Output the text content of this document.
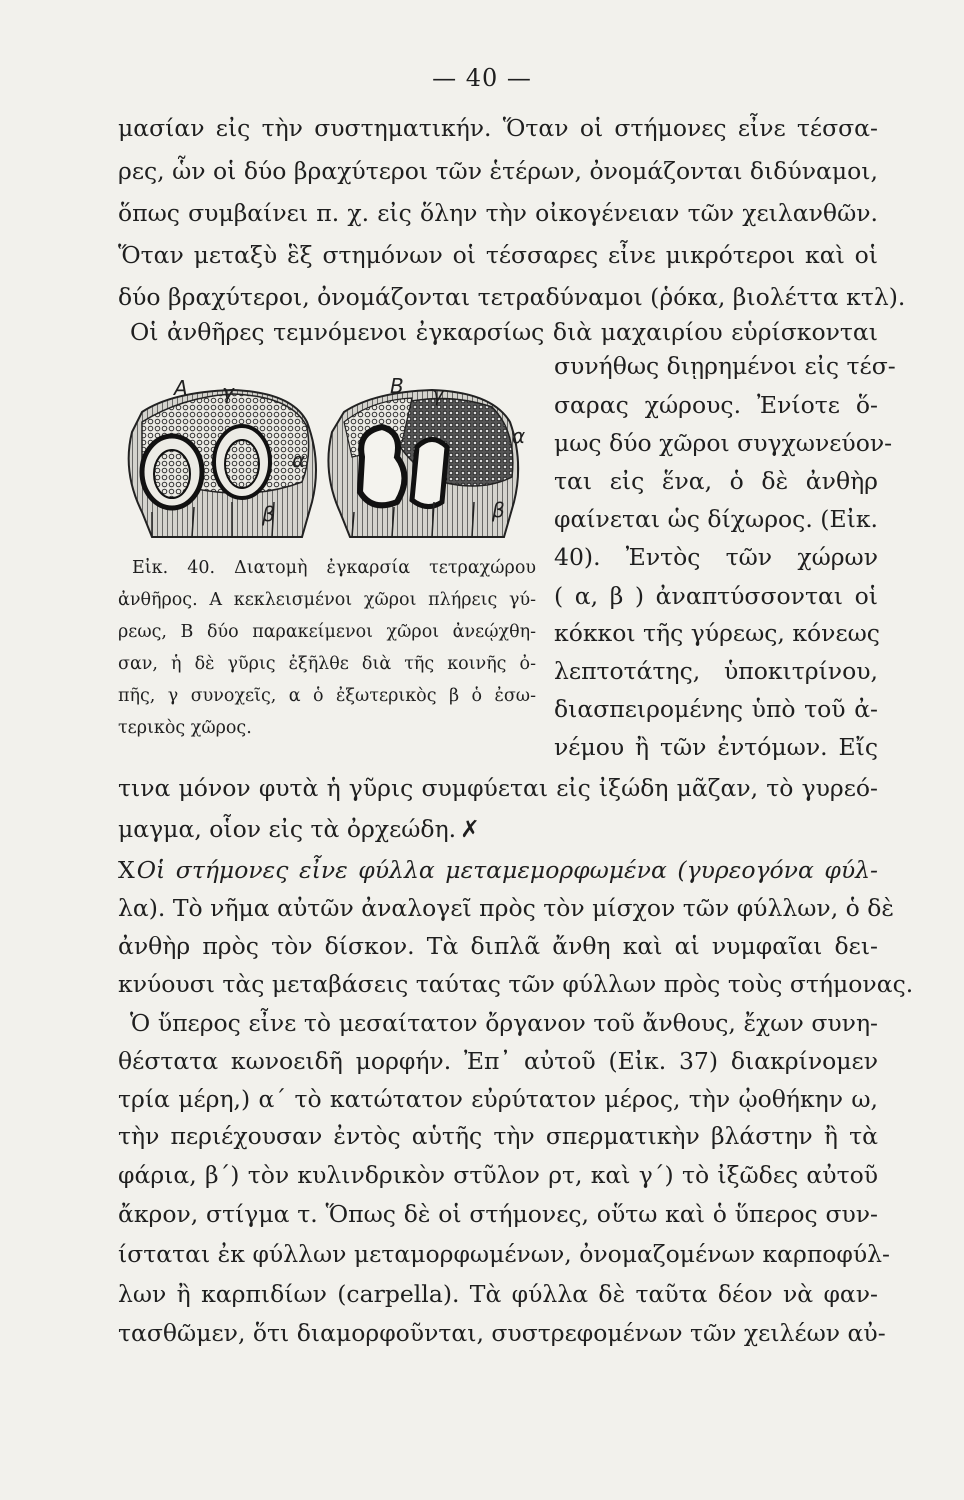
— 40 —
μασίαν εἰς τὴν συστηματικήν. Ὅταν οἱ στήμονες εἶνε τέσσα-
ρες, ὧν οἱ δύο βραχύτεροι τῶν ἑτέρων, ὀνομάζονται διδύναμοι,
ὅπως συμβαίνει π. χ. εἰς ὅλην τὴν οἰκογένειαν τῶν χειλανθῶν.
Ὅταν μεταξὺ ἓξ στημόνων οἱ τέσσαρες εἶνε μικρότεροι καὶ οἱ
δύο βραχύτεροι, ὀνομάζονται τετραδύναμοι (ῥόκα, βιολέττα κτλ).
Οἱ ἀνθῆρες τεμνόμενοι ἐγκαρσίως διὰ μαχαιρίου εὑρίσκονται
συνήθως διῃρημένοι εἰς τέσ-
σαρας χώρους. Ἐνίοτε ὅ-
μως δύο χῶροι συγχωνεύον-
ται εἰς ἕνα, ὁ δὲ ἀνθὴρ
φαίνεται ὡς δίχωρος. (Εἰκ.
40). Ἐντὸς τῶν χώρων
( α, β ) ἀναπτύσσονται οἱ
κόκκοι τῆς γύρεως, κόνεως
λεπτοτάτης, ὑποκιτρίνου,
διασπειρομένης ὑπὸ τοῦ ἀ-
νέμου ἢ τῶν ἐντόμων. Εἴς
A γ	B γ
α
α
β	β
Εἰκ. 40. Διατομὴ ἐγκαρσία τετραχώρου
ἀνθῆρος. Α κεκλεισμένοι χῶροι πλήρεις γύ-
ρεως, Β δύο παρακείμενοι χῶροι ἀνεῴχθη-
σαν, ἡ δὲ γῦρις ἐξῆλθε διὰ τῆς κοινῆς ὀ-
πῆς, γ συνοχεῖς, α ὁ ἐξωτερικὸς β ὁ ἐσω-
τερικὸς χῶρος.
τινα μόνον φυτὰ ἡ γῦρις συμφύεται εἰς ἰξώδη μᾶζαν, τὸ γυρεό-
μαγμα, οἷον εἰς τὰ ὀρχεώδη. ✗
XΟἱ στήμονες εἶνε φύλλα μεταμεμορφωμένα (γυρεογόνα φύλ-
λα). Τὸ νῆμα αὐτῶν ἀναλογεῖ πρὸς τὸν μίσχον τῶν φύλλων, ὁ δὲ
ἀνθὴρ πρὸς τὸν δίσκον. Τὰ διπλᾶ ἄνθη καὶ αἱ νυμφαῖαι δει-
κνύουσι τὰς μεταβάσεις ταύτας τῶν φύλλων πρὸς τοὺς στήμονας.
Ὁ ὕπερος εἶνε τὸ μεσαίτατον ὄργανον τοῦ ἄνθους, ἔχων συνη-
θέστατα κωνοειδῆ μορφήν. Ἐπ᾽ αὐτοῦ (Εἰκ. 37) διακρίνομεν
τρία μέρη,) α΄ τὸ κατώτατον εὐρύτατον μέρος, τὴν ᾠοθήκην ω,
τὴν περιέχουσαν ἐντὸς αὑτῆς τὴν σπερματικὴν βλάστην ἢ τὰ
φάρια, β΄) τὸν κυλινδρικὸν στῦλον ρτ, καὶ γ΄) τὸ ἰξῶδες αὐτοῦ
ἄκρον, στίγμα τ. Ὅπως δὲ οἱ στήμονες, οὕτω καὶ ὁ ὕπερος συν-
ίσταται ἐκ φύλλων μεταμορφωμένων, ὀνομαζομένων καρποφύλ-
λων ἢ καρπιδίων (carpella). Τὰ φύλλα δὲ ταῦτα δέον νὰ φαν-
τασθῶμεν, ὅτι διαμορφοῦνται, συστρεφομένων τῶν χειλέων αὐ-
